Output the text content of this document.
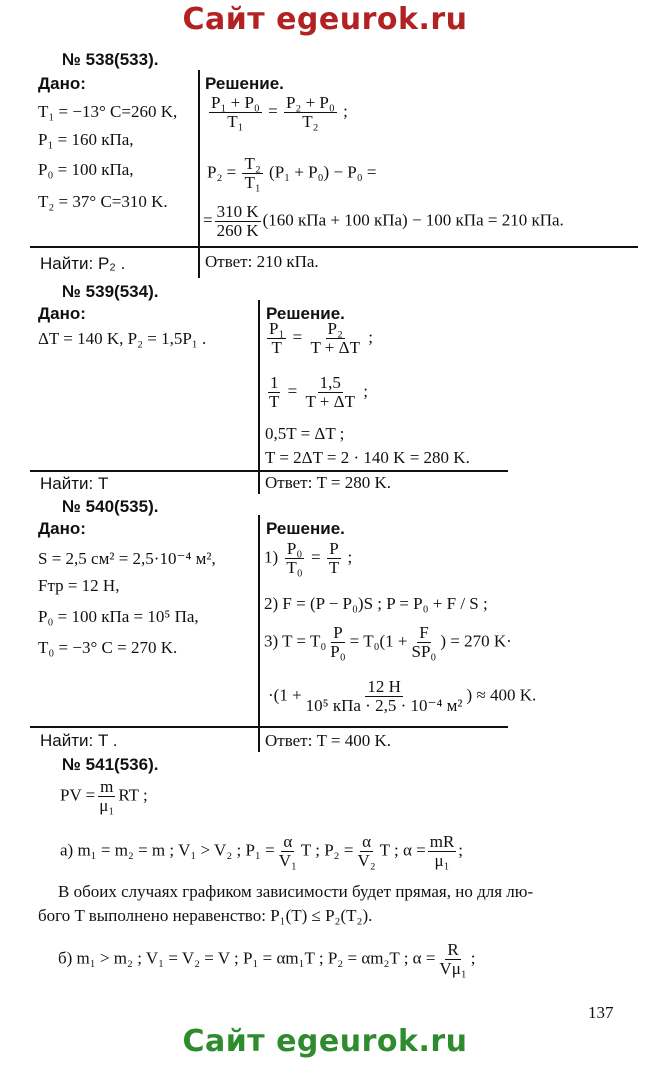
Сайт egeurok.ru
№ 538(533).
Дано:	Решение.
T₁ = −13° C=260 K,
P₁ = 160 кПа,
P₀ = 100 кПа,
T₂ = 37° C=310 K.
$\frac{\text{P₁ + P₀}}{\text{T₁}} = \frac{\text{P₂ + P₀}}{\text{T₂}}$ ;
$P_2 = \frac{\text{T₂}}{\text{T₁}} (P_1 + P_0) - P_0$ =
= $\frac{310 K}{260 K} (160$ кПа + 100 кПа) − 100 кПа = 210 кПа.
Найти: P₂ .	Ответ: 210 кПа.
№ 539(534).
Дано:
ΔT = 140 K, P₂ = 1,5P₁ .
Решение.
$\frac{\text{P₁}}{T} = \frac{\text{P₂}}{T + \Delta T}$ ;
$\frac{1}{T} = \frac{1,5}{T + \Delta T}$ ;
0,5T = ΔT ;
T = 2ΔT = 2 · 140 K = 280 K.
Найти: T	Ответ: T = 280 K.
№ 540(535).
Дано:	Решение.
S = 2,5 см² = 2,5·10⁻⁴ м²,
Fтр = 12 H,
P₀ = 100 кПа = 10⁵ Па,
T₀ = −3° C = 270 K.
$1) \frac{\text{P₀}}{\text{T₀}} = \frac{P}{T}$ ;
2) F = (P − P₀)S ; P = P₀ + F / S ;
3) $T = T_0 \frac{P}{\text{P₀}} = T_0(1 + \frac{F}{\text{SP₀}}$ ) = 270 K·
$\cdot(1 + \frac{12 H}{\text{10⁵ кПа · 2,5 · 10⁻⁴ м²}}$ ) ≈ 400 K.
Найти: T .	Ответ: T = 400 K.
№ 541(536).
PV = $\frac{m}{\text{μ₁}}$ RT ;
а) m₁ = m₂ = m ; V₁ > V₂ ; $P_1 = \frac{\alpha}{\text{V₁}}$ T ; $P_2 = \frac{\alpha}{\text{V₂}}$ T ; $\alpha = \frac{mR}{\text{μ₁}}$ ;
В обоих случаях графиком зависимости будет прямая, но для лю-
бого T выполнено неравенство: P₁(T) ≤ P₂(T₂).
б) m₁ > m₂ ; V₁ = V₂ = V ; P₁ = αm₁T ; P₂ = αm₂T ; $\alpha = \frac{R}{\text{Vμ₁}}$ ;
137
Сайт egeurok.ru
